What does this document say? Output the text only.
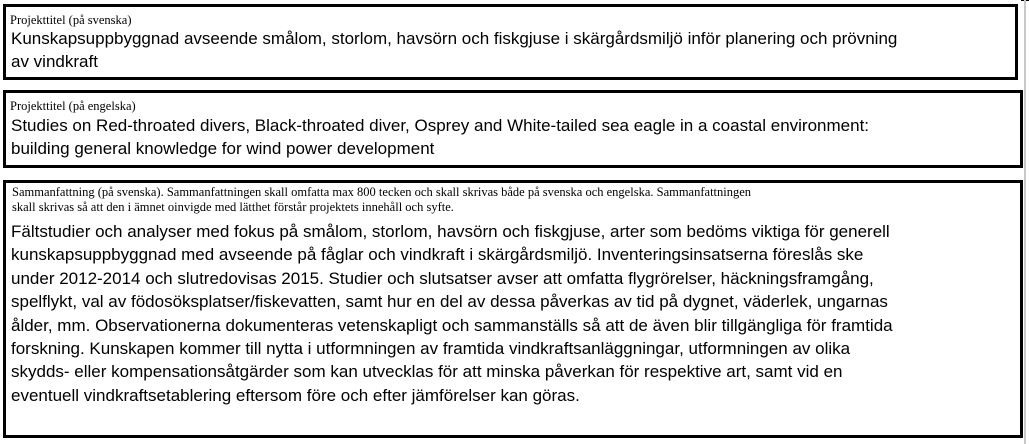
Projekttitel (på svenska)
Kunskapsuppbyggnad avseende smålom, storlom, havsörn och fiskgjuse i skärgårdsmiljö inför planering och prövning av vindkraft
Projekttitel (på engelska)
Studies on Red-throated divers, Black-throated diver, Osprey and White-tailed sea eagle in a coastal environment: building general knowledge for wind power development
Sammanfattning (på svenska). Sammanfattningen skall omfatta max 800 tecken och skall skrivas både på svenska och engelska. Sammanfattningen
skall skrivas så att den i ämnet oinvigde med lätthet förstår projektets innehåll och syfte.
Fältstudier och analyser med fokus på smålom, storlom, havsörn och fiskgjuse, arter som bedöms viktiga för generell kunskapsuppbyggnad med avseende på fåglar och vindkraft i skärgårdsmiljö. Inventeringsinsatserna föreslås ske under 2012-2014 och slutredovisas 2015. Studier och slutsatser avser att omfatta flygrörelser, häckningsframgång, spelflykt, val av födosöksplatser/fiskevatten, samt hur en del av dessa påverkas av tid på dygnet, väderlek, ungarnas ålder, mm. Observationerna dokumenteras vetenskapligt och sammanställs så att de även blir tillgängliga för framtida forskning. Kunskapen kommer till nytta i utformningen av framtida vindkraftsanläggningar, utformningen av olika skydds- eller kompensationsåtgärder som kan utvecklas för att minska påverkan för respektive art, samt vid en eventuell vindkraftsetablering eftersom före och efter jämförelser kan göras.
